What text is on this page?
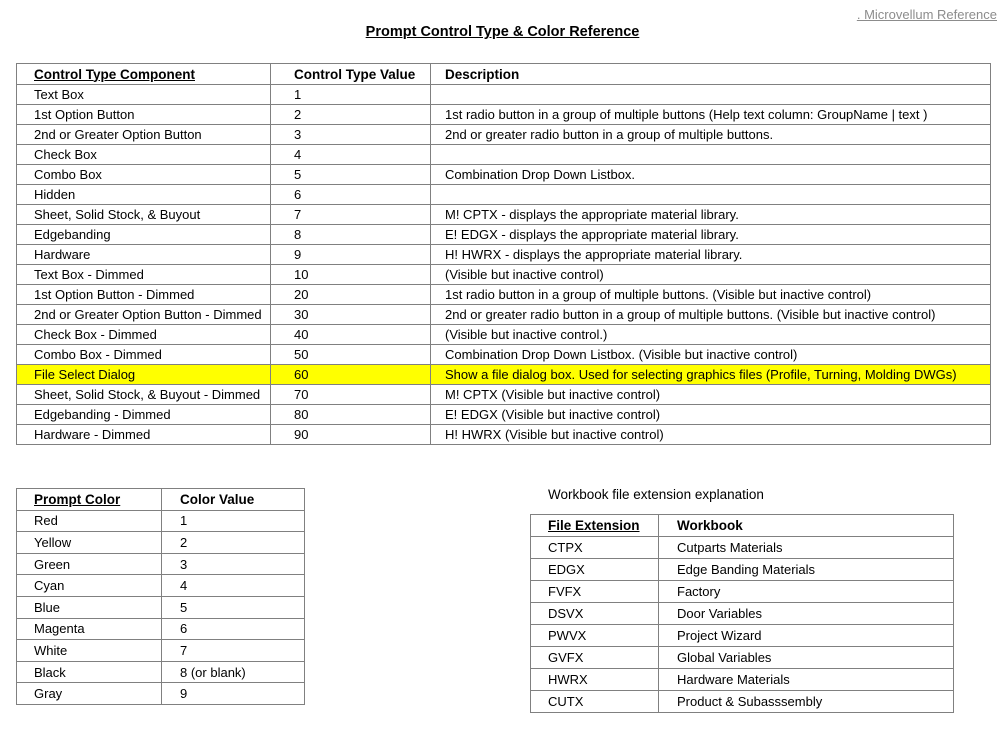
. Microvellum Reference
Prompt Control Type & Color Reference
Control Type Component	Control Type Value	Description
Text Box	1	
1st Option Button	2	1st radio button in a group of multiple buttons (Help text column: GroupName | text )
2nd or Greater Option Button	3	2nd or greater radio button in a group of multiple buttons.
Check Box	4	
Combo Box	5	Combination Drop Down Listbox.
Hidden	6	
Sheet, Solid Stock, & Buyout	7	M! CPTX - displays the appropriate material library.
Edgebanding	8	E! EDGX - displays the appropriate material library.
Hardware	9	H! HWRX - displays the appropriate material library.
Text Box - Dimmed	10	(Visible but inactive control)
1st Option Button - Dimmed	20	1st radio button in a group of multiple buttons. (Visible but inactive control)
2nd or Greater Option Button - Dimmed	30	2nd or greater radio button in a group of multiple buttons. (Visible but inactive control)
Check Box - Dimmed	40	(Visible but inactive control.)
Combo Box - Dimmed	50	Combination Drop Down Listbox. (Visible but inactive control)
File Select Dialog	60	Show a file dialog box. Used for selecting graphics files (Profile, Turning, Molding DWGs)
Sheet, Solid Stock, & Buyout - Dimmed	70	M! CPTX (Visible but inactive control)
Edgebanding - Dimmed	80	E! EDGX (Visible but inactive control)
Hardware - Dimmed	90	H! HWRX (Visible but inactive control)
Prompt Color	Color Value
Red	1
Yellow	2
Green	3
Cyan	4
Blue	5
Magenta	6
White	7
Black	8 (or blank)
Gray	9
Workbook file extension explanation
File Extension	Workbook
CTPX	Cutparts Materials
EDGX	Edge Banding Materials
FVFX	Factory
DSVX	Door Variables
PWVX	Project Wizard
GVFX	Global Variables
HWRX	Hardware Materials
CUTX	Product & Subasssembly
